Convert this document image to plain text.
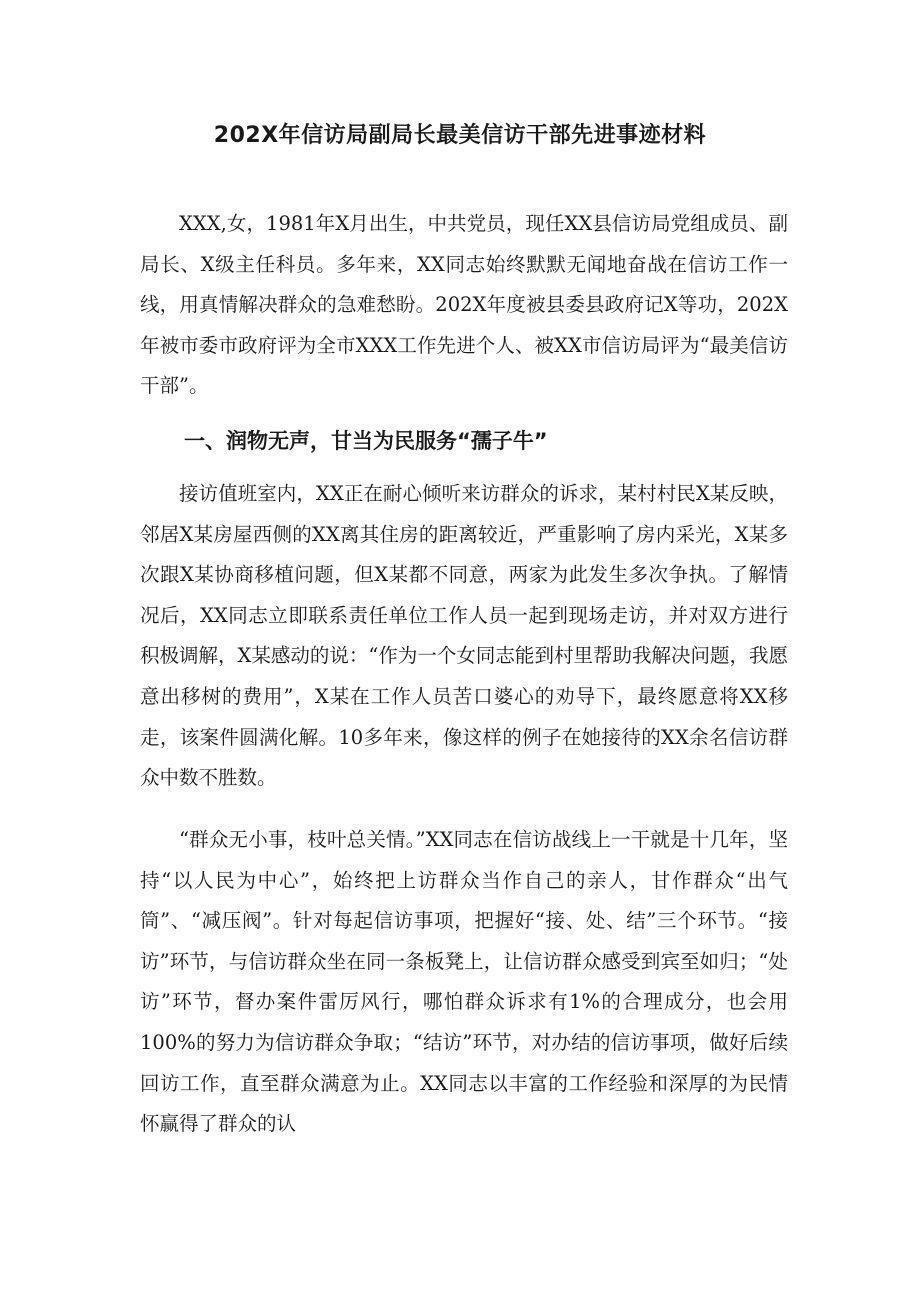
202X年信访局副局长最美信访干部先进事迹材料

XXX,女，1981年X月出生，中共党员，现任XX县信访局党组成员、副局长、X级主任科员。多年来，XX同志始终默默无闻地奋战在信访工作一线，用真情解决群众的急难愁盼。202X年度被县委县政府记X等功，202X年被市委市政府评为全市XXX工作先进个人、被XX市信访局评为“最美信访干部”。

一、润物无声，甘当为民服务“孺子牛”

接访值班室内，XX正在耐心倾听来访群众的诉求，某村村民X某反映，邻居X某房屋西侧的XX离其住房的距离较近，严重影响了房内采光，X某多次跟X某协商移植问题，但X某都不同意，两家为此发生多次争执。了解情况后，XX同志立即联系责任单位工作人员一起到现场走访，并对双方进行积极调解，X某感动的说：“作为一个女同志能到村里帮助我解决问题，我愿意出移树的费用”，X某在工作人员苦口婆心的劝导下，最终愿意将XX移走，该案件圆满化解。10多年来，像这样的例子在她接待的XX余名信访群众中数不胜数。

“群众无小事，枝叶总关情。”XX同志在信访战线上一干就是十几年，坚持“以人民为中心”，始终把上访群众当作自己的亲人，甘作群众“出气筒”、“减压阀”。针对每起信访事项，把握好“接、处、结”三个环节。“接访”环节，与信访群众坐在同一条板凳上，让信访群众感受到宾至如归；“处访”环节，督办案件雷厉风行，哪怕群众诉求有1%的合理成分，也会用100%的努力为信访群众争取；“结访”环节，对办结的信访事项，做好后续回访工作，直至群众满意为止。XX同志以丰富的工作经验和深厚的为民情怀赢得了群众的认
